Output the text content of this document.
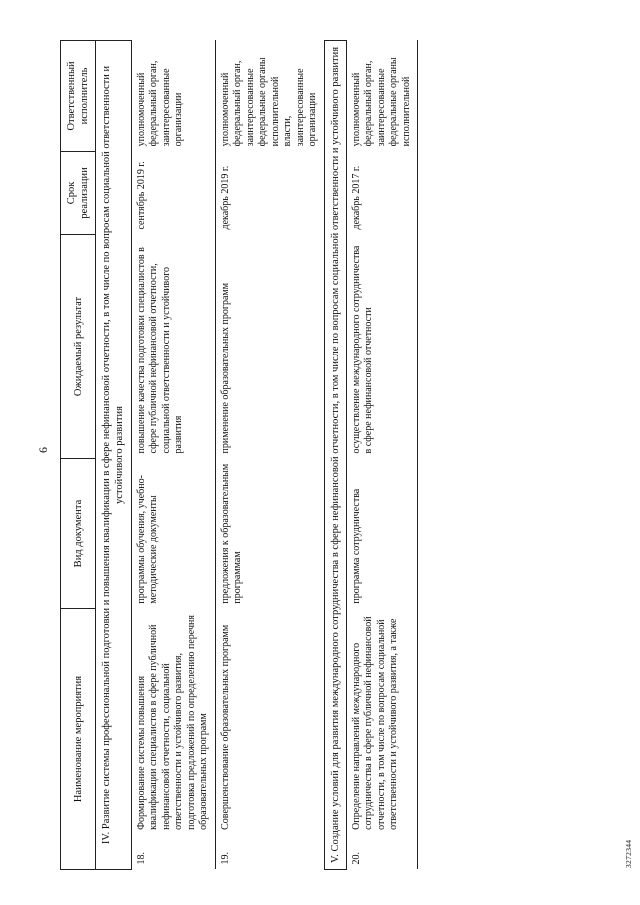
6
Наименование мероприятия		Вид документа	Ожидаемый результат	Срок реализации	Ответственный исполнитель
IV. Развитие системы профессиональной подготовки и повышения квалификации в сфере нефинансовой отчетности, в том числе по вопросам социальной ответственности и устойчивого развития					
18.	Формирование системы повышения квалификации специалистов в сфере публичной нефинансовой отчетности, социальной ответственности и устойчивого развития, подготовка предложений по определению перечня образовательных программ	программы обучения, учебно-методические документы	повышение качества подготовки специалистов в сфере публичной нефинансовой отчетности, социальной ответственности и устойчивого развития	сентябрь 2019 г.	уполномоченный федеральный орган, заинтересованные организации
19.	Совершенствование образовательных программ	предложения к образовательным программам	применение образовательных программ	декабрь 2019 г.	уполномоченный федеральный орган, заинтересованные федеральные органы исполнительной власти, заинтересованные организации
V. Создание условий для развития международного сотрудничества в сфере нефинансовой отчетности, в том числе по вопросам социальной ответственности и устойчивого развития					
20.	Определение направлений международного сотрудничества в сфере публичной нефинансовой отчетности, в том числе по вопросам социальной ответственности и устойчивого развития, а также	программа сотрудничества	осуществление международного сотрудничества в сфере нефинансовой отчетности	декабрь 2017 г.	уполномоченный федеральный орган, заинтересованные федеральные органы исполнительной
3272344
